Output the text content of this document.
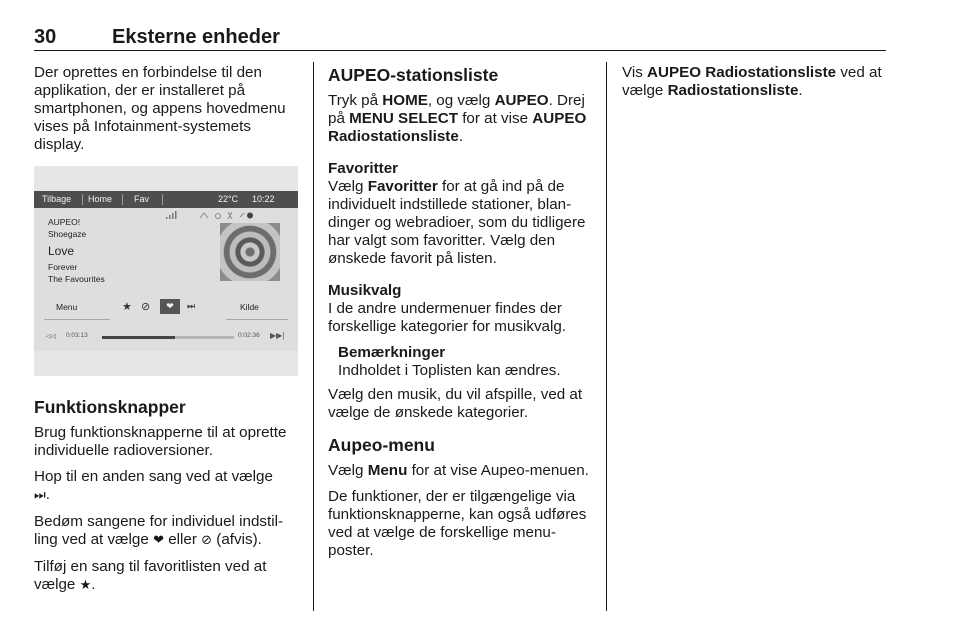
30	Eksterne enheder

Der oprettes en forbindelse til den applikation, der er installeret på smartphonen, og appens hovedmenu vises på Infotainment-systemets display.

Tilbage Home Fav	22°C 10:22
AUPEO!
Shoegaze
Love
Forever
The Favourites
Menu	★ ⊘	❤	⏭	Kilde
◁◁ 0:03:13	0:02:36 ▶▶|
Funktionsknapper

Brug funktionsknapperne til at oprette individuelle radioversioner.

Hop til en anden sang ved at vælge
⏭.

Bedøm sangene for individuel indstilling ved at vælge ❤ eller ⊘ (afvis).

Tilføj en sang til favoritlisten ved at vælge ★.

AUPEO-stationsliste

Tryk på HOME, og vælg AUPEO. Drej på MENU SELECT for at vise AUPEO Radiostationsliste.

Favoritter

Vælg Favoritter for at gå ind på de individuelt indstillede stationer, blandinger og webradioer, som du tidligere har valgt som favoritter. Vælg den ønskede favorit på listen.

Musikvalg

I de andre undermenuer findes der forskellige kategorier for musikvalg.

Bemærkninger
Indholdet i Toplisten kan ændres.

Vælg den musik, du vil afspille, ved at vælge de ønskede kategorier.

Aupeo-menu

Vælg Menu for at vise Aupeo-menuen.

De funktioner, der er tilgængelige via funktionsknapperne, kan også udføres ved at vælge de forskellige menuposter.

Vis AUPEO Radiostationsliste ved at vælge Radiostationsliste.
